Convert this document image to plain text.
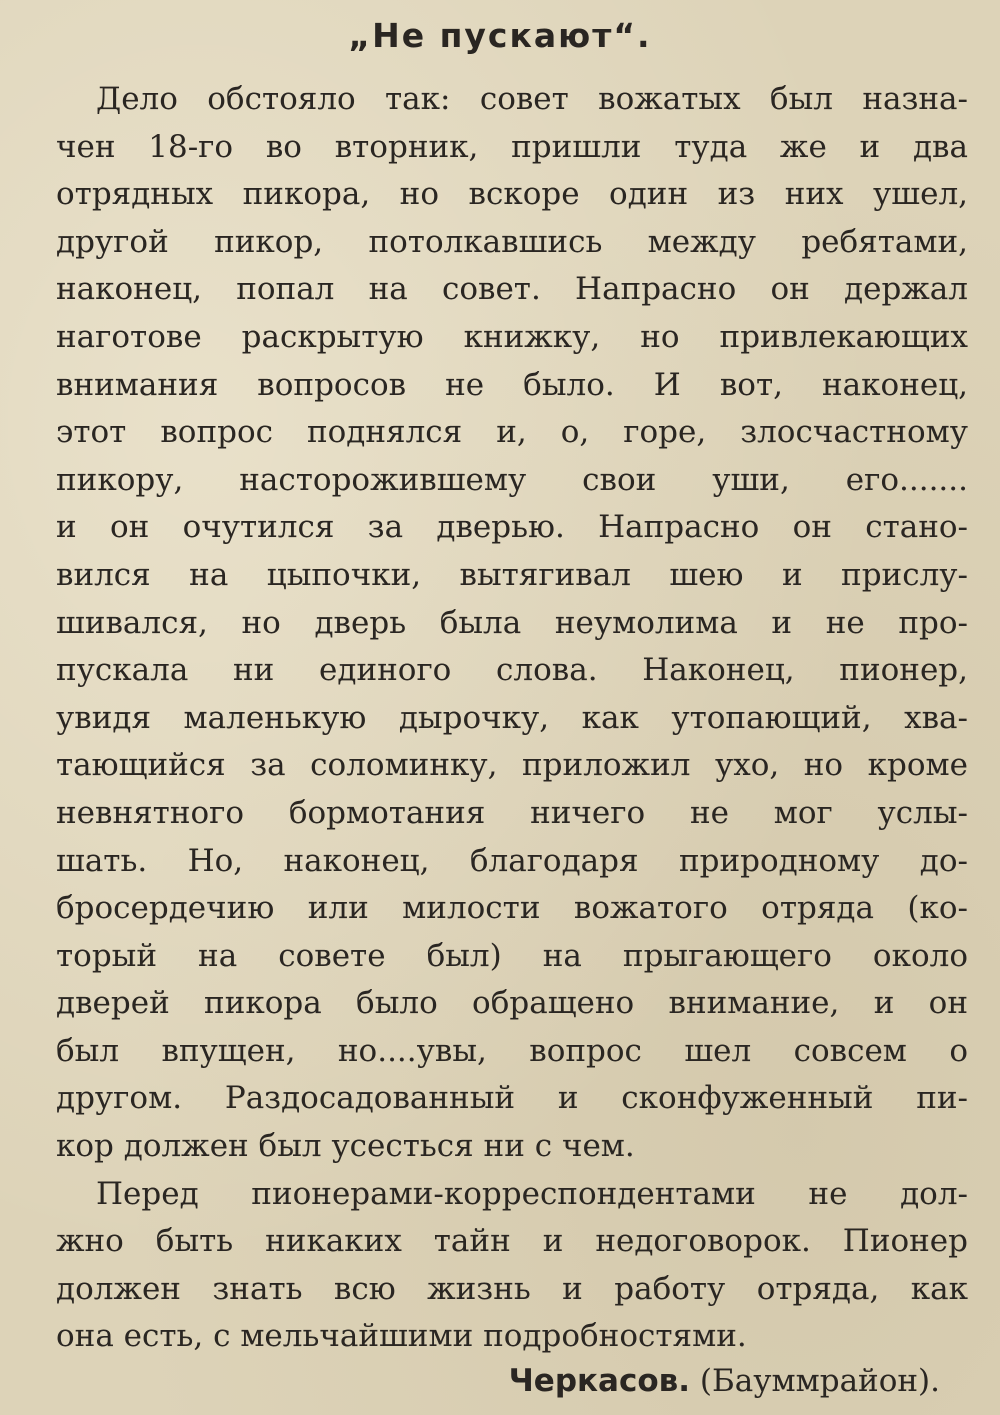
„Не пускают“.
Дело обстояло так: совет вожатых был назна-
чен 18-го во вторник, пришли туда же и два
отрядных пикора, но вскоре один из них ушел,
другой пикор, потолкавшись между ребятами,
наконец, попал на совет. Напрасно он держал
наготове раскрытую книжку, но привлекающих
внимания вопросов не было. И вот, наконец,
этот вопрос поднялся и, о, горе, злосчастному
пикору, насторожившему свои уши, его.......
и он очутился за дверью. Напрасно он стано-
вился на цыпочки, вытягивал шею и прислу-
шивался, но дверь была неумолима и не про-
пускала ни единого слова. Наконец, пионер,
увидя маленькую дырочку, как утопающий, хва-
тающийся за соломинку, приложил ухо, но кроме
невнятного бормотания ничего не мог услы-
шать. Но, наконец, благодаря природному до-
бросердечию или милости вожатого отряда (ко-
торый на совете был) на прыгающего около
дверей пикора было обращено внимание, и он
был впущен, но....увы, вопрос шел совсем о
другом. Раздосадованный и сконфуженный пи-
кор должен был усесться ни с чем.
Перед пионерами-корреспондентами не дол-
жно быть никаких тайн и недоговорок. Пионер
должен знать всю жизнь и работу отряда, как
она есть, с мельчайшими подробностями.
Черкасов. (Бауммрайон).
